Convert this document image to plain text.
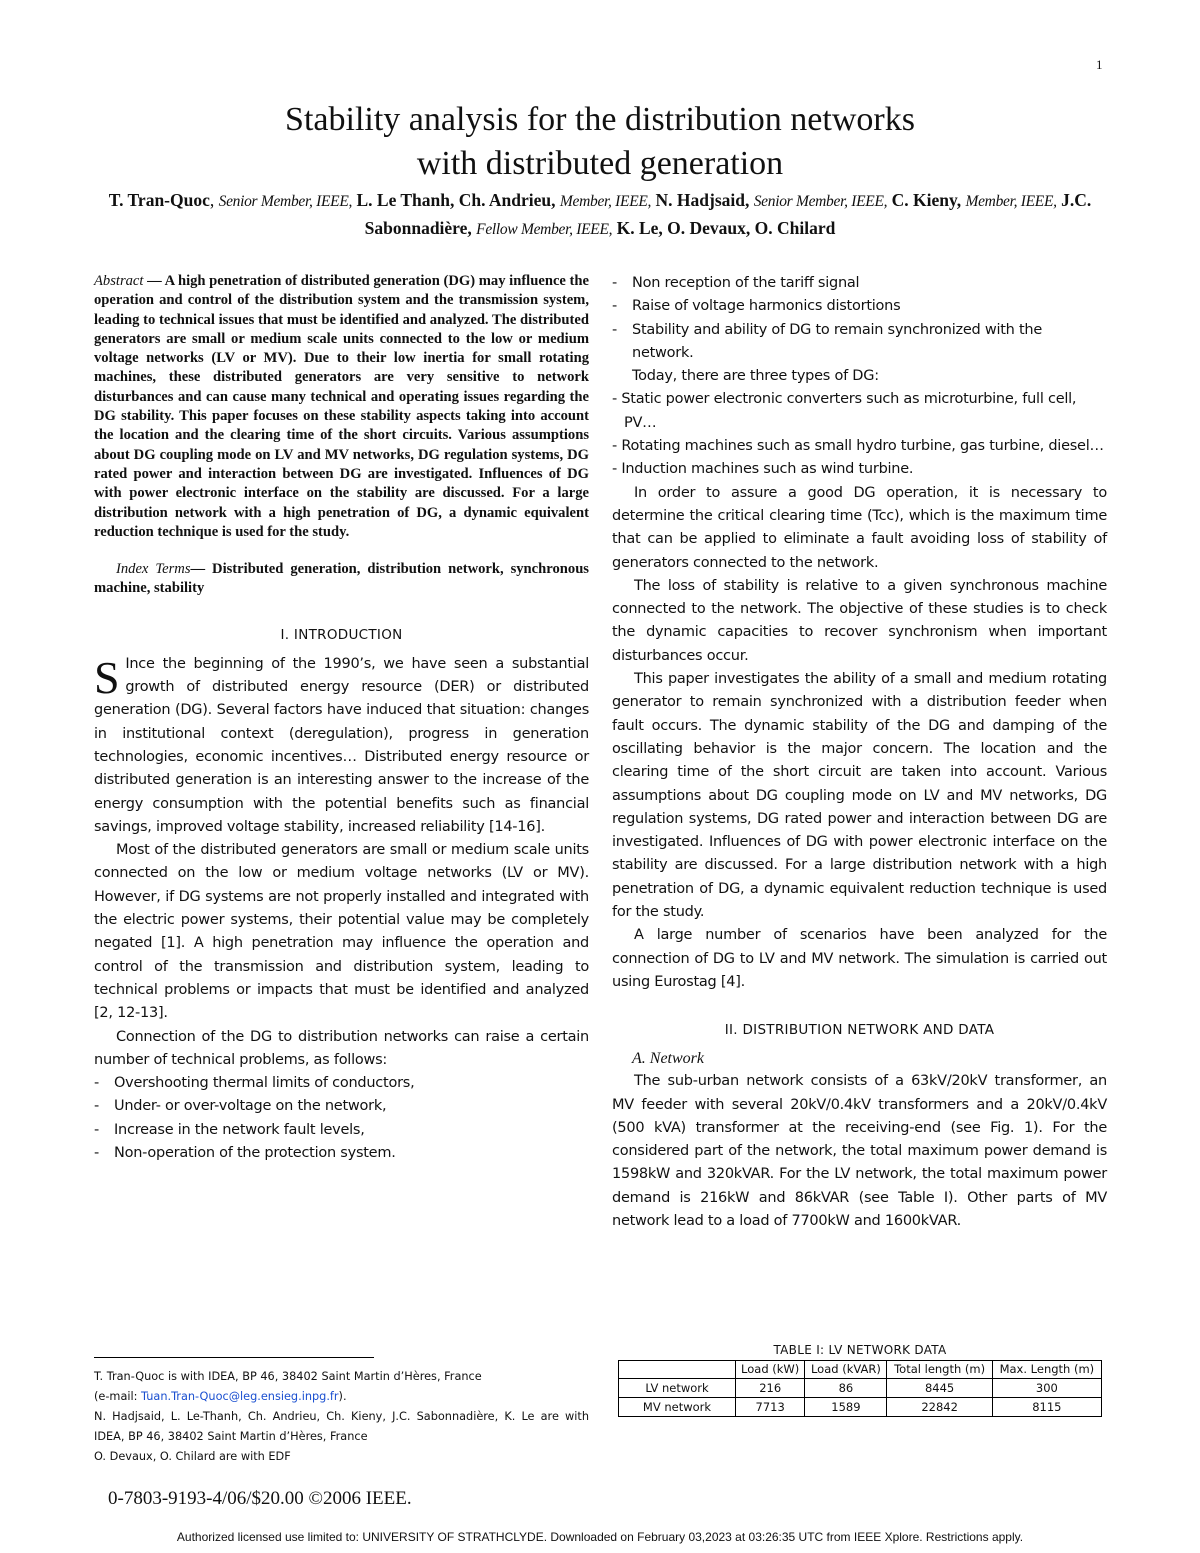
1
Stability analysis for the distribution networks
with distributed generation
T. Tran-Quoc, Senior Member, IEEE, L. Le Thanh, Ch. Andrieu, Member, IEEE, N. Hadjsaid, Senior Member, IEEE, C. Kieny, Member, IEEE, J.C. Sabonnadière, Fellow Member, IEEE, K. Le, O. Devaux, O. Chilard

Abstract — A high penetration of distributed generation (DG) may influence the operation and control of the distribution system and the transmission system, leading to technical issues that must be identified and analyzed. The distributed generators are small or medium scale units connected to the low or medium voltage networks (LV or MV). Due to their low inertia for small rotating machines, these distributed generators are very sensitive to network disturbances and can cause many technical and operating issues regarding the DG stability. This paper focuses on these stability aspects taking into account the location and the clearing time of the short circuits. Various assumptions about DG coupling mode on LV and MV networks, DG regulation systems, DG rated power and interaction between DG are investigated. Influences of DG with power electronic interface on the stability are discussed. For a large distribution network with a high penetration of DG, a dynamic equivalent reduction technique is used for the study.

Index Terms— Distributed generation, distribution network, synchronous machine, stability

I. INTRODUCTION

S Ince the beginning of the 1990’s, we have seen a substantial growth of distributed energy resource (DER) or distributed generation (DG). Several factors have induced that situation: changes in institutional context (deregulation), progress in generation technologies, economic incentives… Distributed energy resource or distributed generation is an interesting answer to the increase of the energy consumption with the potential benefits such as financial savings, improved voltage stability, increased reliability [14-16].

Most of the distributed generators are small or medium scale units connected on the low or medium voltage networks (LV or MV). However, if DG systems are not properly installed and integrated with the electric power systems, their potential value may be completely negated [1]. A high penetration may influence the operation and control of the transmission and distribution system, leading to technical problems or impacts that must be identified and analyzed [2, 12-13].

Connection of the DG to distribution networks can raise a certain number of technical problems, as follows:

- Overshooting thermal limits of conductors,

- Under- or over-voltage on the network,

- Increase in the network fault levels,

- Non-operation of the protection system.

T. Tran-Quoc is with IDEA, BP 46, 38402 Saint Martin d’Hères, France

(e-mail: Tuan.Tran-Quoc@leg.ensieg.inpg.fr).

N. Hadjsaid, L. Le-Thanh, Ch. Andrieu, Ch. Kieny, J.C. Sabonnadière, K. Le are with IDEA, BP 46, 38402 Saint Martin d’Hères, France

O. Devaux, O. Chilard are with EDF

- Non reception of the tariff signal

- Raise of voltage harmonics distortions

- Stability and ability of DG to remain synchronized with the network.

Today, there are three types of DG:

- Static power electronic converters such as microturbine, full cell, PV…

- Rotating machines such as small hydro turbine, gas turbine, diesel…

- Induction machines such as wind turbine.

In order to assure a good DG operation, it is necessary to determine the critical clearing time (Tcc), which is the maximum time that can be applied to eliminate a fault avoiding loss of stability of generators connected to the network.

The loss of stability is relative to a given synchronous machine connected to the network. The objective of these studies is to check the dynamic capacities to recover synchronism when important disturbances occur.

This paper investigates the ability of a small and medium rotating generator to remain synchronized with a distribution feeder when fault occurs. The dynamic stability of the DG and damping of the oscillating behavior is the major concern. The location and the clearing time of the short circuit are taken into account. Various assumptions about DG coupling mode on LV and MV networks, DG regulation systems, DG rated power and interaction between DG are investigated. Influences of DG with power electronic interface on the stability are discussed. For a large distribution network with a high penetration of DG, a dynamic equivalent reduction technique is used for the study.

A large number of scenarios have been analyzed for the connection of DG to LV and MV network. The simulation is carried out using Eurostag [4].

II. DISTRIBUTION NETWORK AND DATA

A. Network

The sub-urban network consists of a 63kV/20kV transformer, an MV feeder with several 20kV/0.4kV transformers and a 20kV/0.4kV (500 kVA) transformer at the receiving-end (see Fig. 1). For the considered part of the network, the total maximum power demand is 1598kW and 320kVAR. For the LV network, the total maximum power demand is 216kW and 86kVAR (see Table I). Other parts of MV network lead to a load of 7700kW and 1600kVAR.

TABLE I: LV NETWORK DATA
	Load (kW)	Load (kVAR)	Total length (m)	Max. Length (m)
LV network	216	86	8445	300
MV network	7713	1589	22842	8115
0-7803-9193-4/06/$20.00 ©2006 IEEE.
Authorized licensed use limited to: UNIVERSITY OF STRATHCLYDE. Downloaded on February 03,2023 at 03:26:35 UTC from IEEE Xplore. Restrictions apply.
